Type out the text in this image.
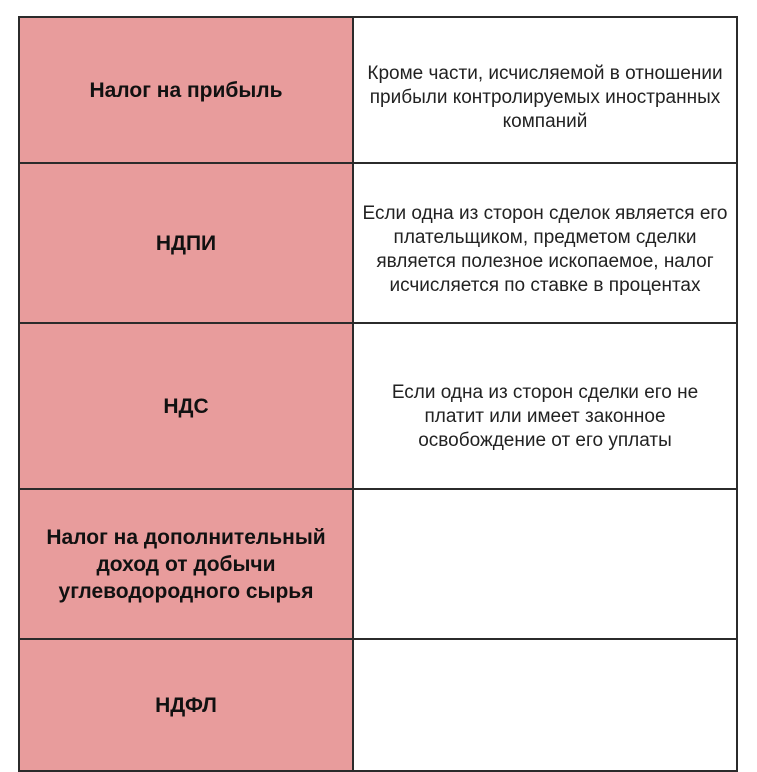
Налог на прибыль	Кроме части, исчисляемой в отношении прибыли контролируемых иностранных компаний
НДПИ	Если одна из сторон сделок является его плательщиком, предметом сделки является полезное ископаемое, налог исчисляется по ставке в процентах
НДС	Если одна из сторон сделки его не платит или имеет законное освобождение от его уплаты
Налог на дополнительный доход от добычи углеводородного сырья	
НДФЛ	
